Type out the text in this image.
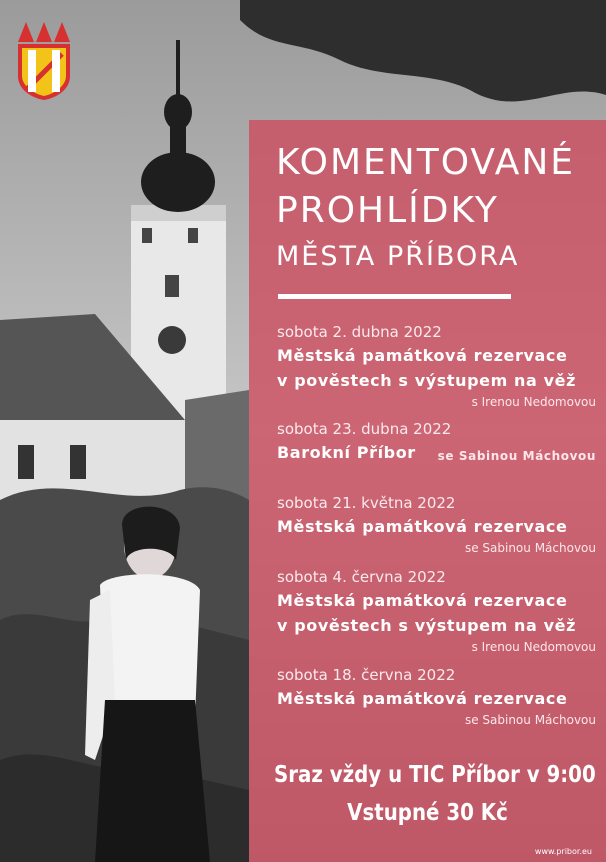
KOMENTOVANÉ
PROHLÍDKY
MĚSTA PŘÍBORA
sobota 2. dubna 2022
Městská památková rezervace
v pověstech s výstupem na věž
s Irenou Nedomovou
sobota 23. dubna 2022
Barokní Příbor se Sabinou Máchovou
sobota 21. května 2022
Městská památková rezervace
se Sabinou Máchovou
sobota 4. června 2022
Městská památková rezervace
v pověstech s výstupem na věž
s Irenou Nedomovou
sobota 18. června 2022
Městská památková rezervace
se Sabinou Máchovou
Sraz vždy u TIC Příbor v 9:00
Vstupné 30 Kč
www.pribor.eu
